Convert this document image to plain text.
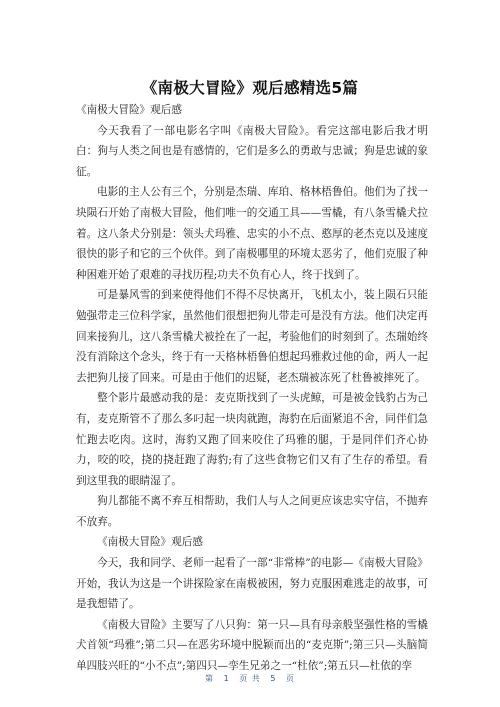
《南极大冒险》观后感精选5篇

《南极大冒险》观后感

今天我看了一部电影名字叫《南极大冒险》。看完这部电影后我才明白：狗与人类之间也是有感情的，它们是多么的勇敢与忠诚；狗是忠诚的象征。

电影的主人公有三个，分别是杰瑞、库珀、格林梧鲁伯。他们为了找一块陨石开始了南极大冒险，他们唯一的交通工具——雪橇，有八条雪橇犬拉着。这八条犬分别是：领头犬玛雅、忠实的小不点、憨厚的老杰克以及速度很快的影子和它的三个伙伴。到了南极哪里的环境太恶劣了，他们克服了种种困难开始了艰难的寻找历程;功夫不负有心人，终于找到了。

可是暴风雪的到来使得他们不得不尽快离开，飞机太小，装上陨石只能勉强带走三位科学家，虽然他们很想把狗儿带走可是没有方法。他们决定再回来接狗儿，这八条雪橇犬被拴在了一起，考验他们的时刻到了。杰瑞始终没有消除这个念头，终于有一天格林梧鲁伯想起玛雅救过他的命，两人一起去把狗儿接了回来。可是由于他们的迟疑，老杰瑞被冻死了杜鲁被摔死了。

整个影片最感动我的是：麦克斯找到了一头虎鲸，可是被金钱豹占为己有，麦克斯管不了那么多叼起一块肉就跑，海豹在后面紧追不舍，同伴们急忙跑去吃肉。这时，海豹又跑了回来咬住了玛雅的腿，于是同伴们齐心协力，咬的咬，挠的挠赶跑了海豹;有了这些食物它们又有了生存的希望。看到这里我的眼睛湿了。

狗儿都能不离不弃互相帮助，我们人与人之间更应该忠实守信，不抛弃不放弃。

《南极大冒险》观后感

今天，我和同学、老师一起看了一部“非常棒”的电影—《南极大冒险》开始，我认为这是一个讲探险家在南极被困，努力克服困难逃走的故事，可是我想错了。

《南极大冒险》主要写了八只狗：第一只—具有母亲般坚强性格的雪橇犬首领“玛雅”;第二只—在恶劣环境中脱颖而出的“麦克斯”;第三只—头脑简单四肢兴旺的“小不点”;第四只—孪生兄弟之一“杜依”;第五只—杜依的孪

第 1 页 共 5 页
